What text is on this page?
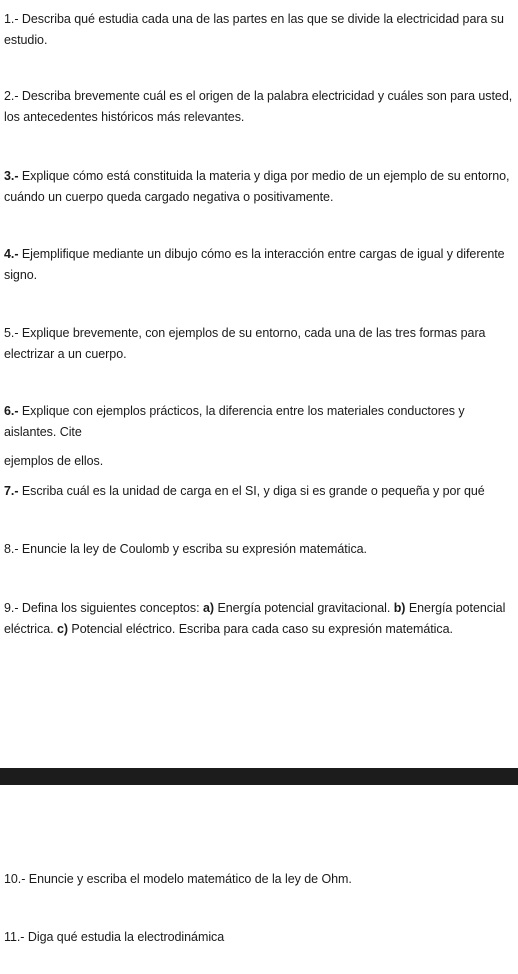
1.- Describa qué estudia cada una de las partes en las que se divide la electricidad para su estudio.

2.- Describa brevemente cuál es el origen de la palabra electricidad y cuáles son para usted, los antecedentes históricos más relevantes.

3.- Explique cómo está constituida la materia y diga por medio de un ejemplo de su entorno, cuándo un cuerpo queda cargado negativa o positivamente.

4.- Ejemplifique mediante un dibujo cómo es la interacción entre cargas de igual y diferente signo.

5.- Explique brevemente, con ejemplos de su entorno, cada una de las tres formas para electrizar a un cuerpo.

6.- Explique con ejemplos prácticos, la diferencia entre los materiales conductores y aislantes. Cite

ejemplos de ellos.

7.- Escriba cuál es la unidad de carga en el SI, y diga si es grande o pequeña y por qué

8.- Enuncie la ley de Coulomb y escriba su expresión matemática.

9.- Defina los siguientes conceptos: a) Energía potencial gravitacional. b) Energía potencial eléctrica. c) Potencial eléctrico. Escriba para cada caso su expresión matemática.

10.- Enuncie y escriba el modelo matemático de la ley de Ohm.

11.- Diga qué estudia la electrodinámica
